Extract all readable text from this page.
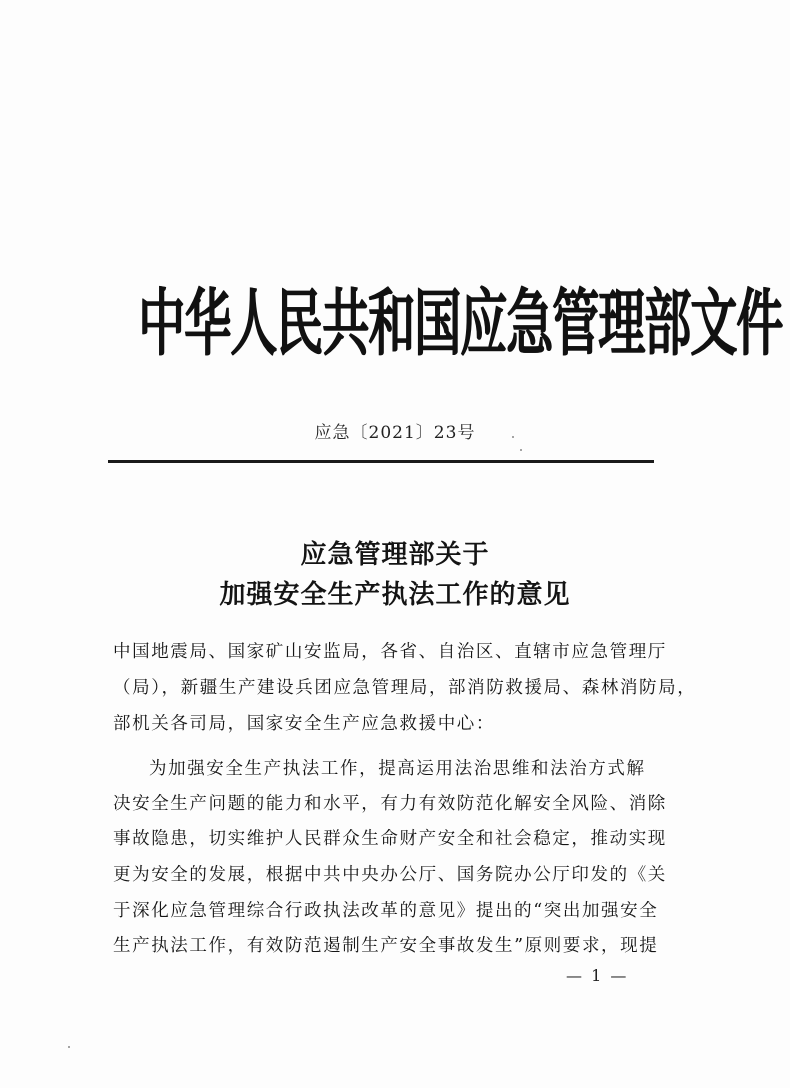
中华人民共和国应急管理部文件
应急〔2021〕23号
应急管理部关于
加强安全生产执法工作的意见
中国地震局、国家矿山安监局，各省、自治区、直辖市应急管理厅
（局），新疆生产建设兵团应急管理局，部消防救援局、森林消防局，
部机关各司局，国家安全生产应急救援中心：
为加强安全生产执法工作，提高运用法治思维和法治方式解
决安全生产问题的能力和水平，有力有效防范化解安全风险、消除
事故隐患，切实维护人民群众生命财产安全和社会稳定，推动实现
更为安全的发展，根据中共中央办公厅、国务院办公厅印发的《关
于深化应急管理综合行政执法改革的意见》提出的“突出加强安全
生产执法工作，有效防范遏制生产安全事故发生”原则要求，现提
— 1 —
